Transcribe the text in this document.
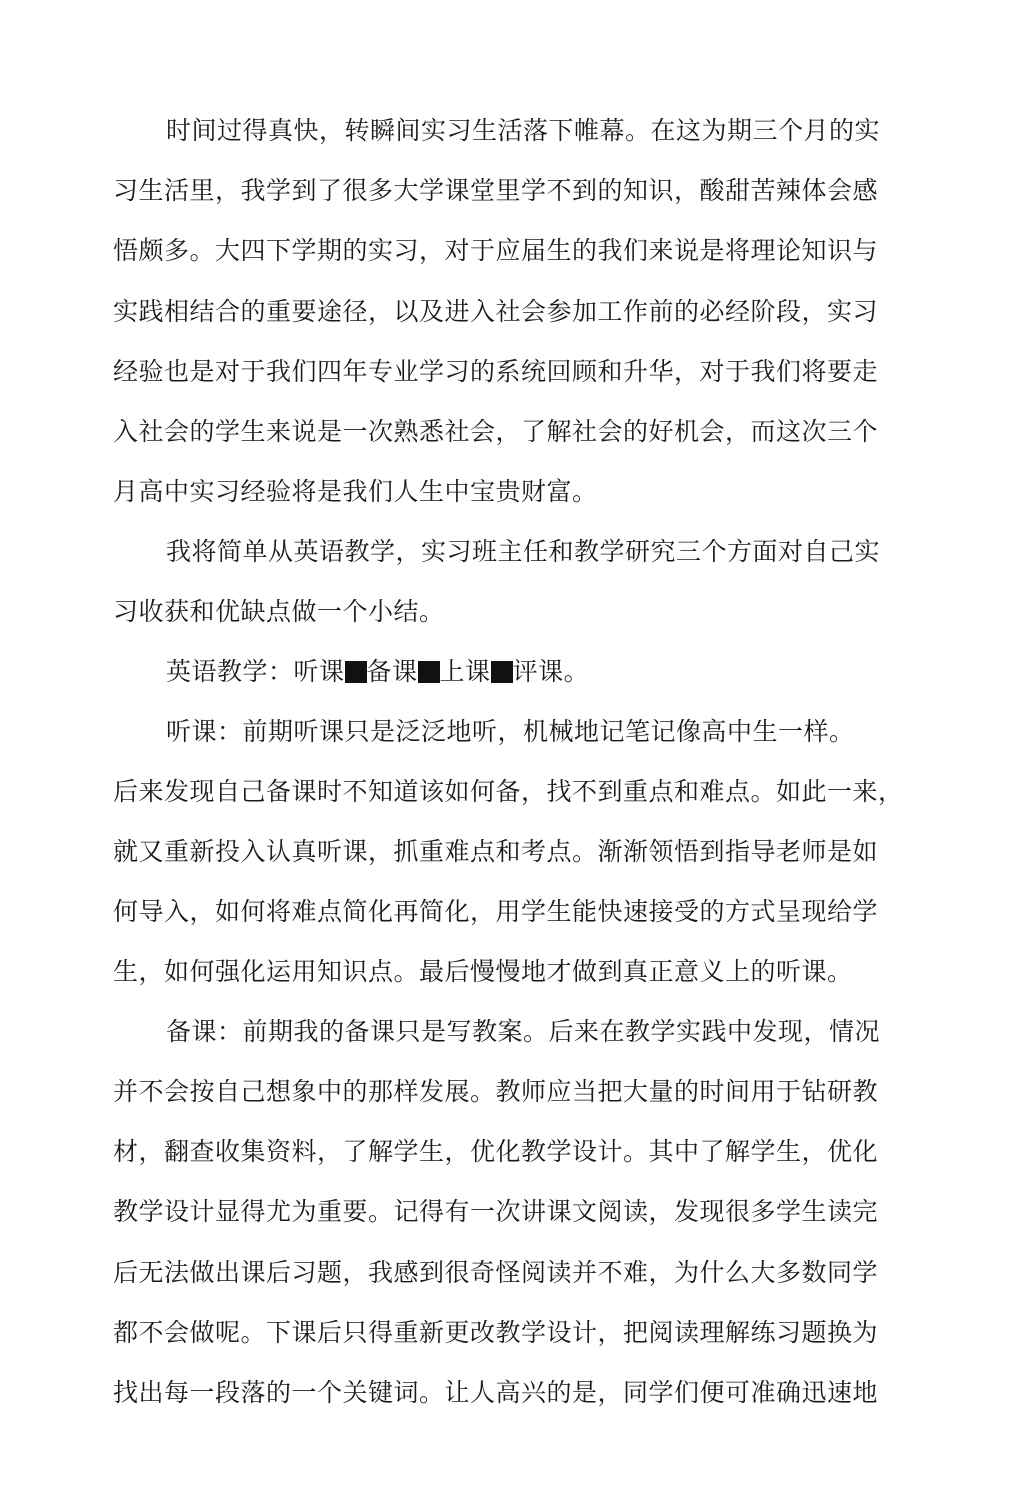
时间过得真快，转瞬间实习生活落下帷幕。在这为期三个月的实
习生活里，我学到了很多大学课堂里学不到的知识，酸甜苦辣体会感
悟颇多。大四下学期的实习，对于应届生的我们来说是将理论知识与
实践相结合的重要途径，以及进入社会参加工作前的必经阶段，实习
经验也是对于我们四年专业学习的系统回顾和升华，对于我们将要走
入社会的学生来说是一次熟悉社会，了解社会的好机会，而这次三个
月高中实习经验将是我们人生中宝贵财富。
我将简单从英语教学，实习班主任和教学研究三个方面对自己实
习收获和优缺点做一个小结。
英语教学：听课 备课 上课 评课。
听课：前期听课只是泛泛地听，机械地记笔记像高中生一样。
后来发现自己备课时不知道该如何备，找不到重点和难点。如此一来，
就又重新投入认真听课，抓重难点和考点。渐渐领悟到指导老师是如
何导入，如何将难点简化再简化，用学生能快速接受的方式呈现给学
生，如何强化运用知识点。最后慢慢地才做到真正意义上的听课。
备课：前期我的备课只是写教案。后来在教学实践中发现，情况
并不会按自己想象中的那样发展。教师应当把大量的时间用于钻研教
材，翻查收集资料，了解学生，优化教学设计。其中了解学生，优化
教学设计显得尤为重要。记得有一次讲课文阅读，发现很多学生读完
后无法做出课后习题，我感到很奇怪阅读并不难，为什么大多数同学
都不会做呢。下课后只得重新更改教学设计，把阅读理解练习题换为
找出每一段落的一个关键词。让人高兴的是，同学们便可准确迅速地
